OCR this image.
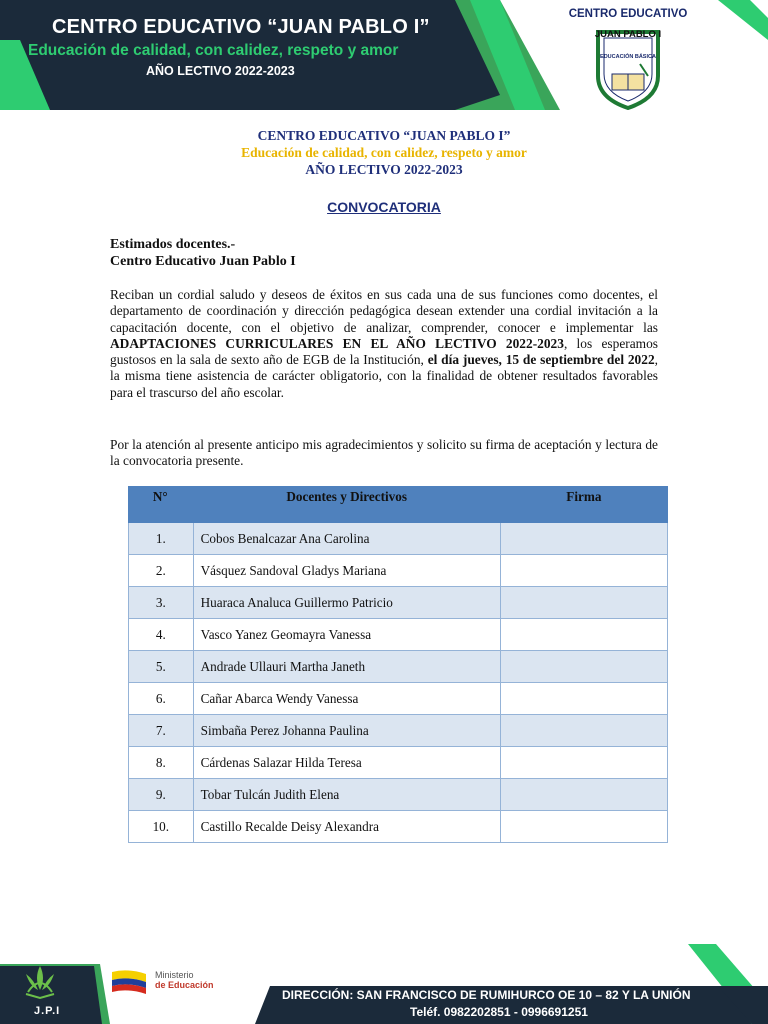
CENTRO EDUCATIVO “JUAN PABLO I”
Educación de calidad, con calidez, respeto y amor
AÑO LECTIVO 2022-2023
CENTRO EDUCATIVO
JUAN PABLO I
EDUCACIÓN BÁSICA
CENTRO EDUCATIVO “JUAN PABLO I”
Educación de calidad, con calidez, respeto y amor
AÑO LECTIVO 2022-2023
CONVOCATORIA
Estimados docentes.-
Centro Educativo Juan Pablo I
Reciban un cordial saludo y deseos de éxitos en sus cada una de sus funciones como docentes, el departamento de coordinación y dirección pedagógica desean extender una cordial invitación a la capacitación docente, con el objetivo de analizar, comprender, conocer e implementar las ADAPTACIONES CURRICULARES EN EL AÑO LECTIVO 2022-2023, los esperamos gustosos en la sala de sexto año de EGB de la Institución, el día jueves, 15 de septiembre del 2022, la misma tiene asistencia de carácter obligatorio, con la finalidad de obtener resultados favorables para el trascurso del año escolar.
Por la atención al presente anticipo mis agradecimientos y solicito su firma de aceptación y lectura de la convocatoria presente.
N°	Docentes y Directivos	Firma
1.	Cobos Benalcazar Ana Carolina	
2.	Vásquez Sandoval Gladys Mariana	
3.	Huaraca Analuca Guillermo Patricio	
4.	Vasco Yanez Geomayra Vanessa	
5.	Andrade Ullauri Martha Janeth	
6.	Cañar Abarca Wendy Vanessa	
7.	Simbaña Perez Johanna Paulina	
8.	Cárdenas Salazar Hilda Teresa	
9.	Tobar Tulcán Judith Elena	
10.	Castillo Recalde Deisy Alexandra	
J.P.I
Ministerio
de Educación
DIRECCIÓN: SAN FRANCISCO DE RUMIHURCO OE 10 – 82 Y LA UNIÓN
Teléf. 0982202851 - 0996691251
